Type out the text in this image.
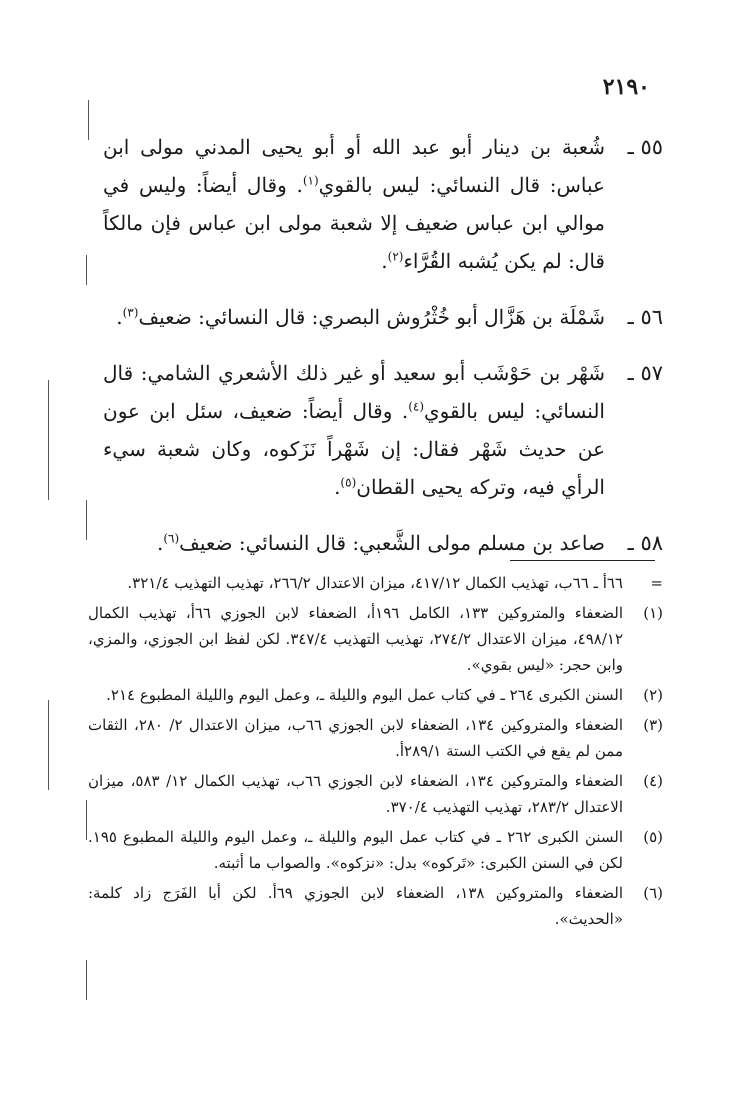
٢١٩٠
٥٥ ـ
شُعبة بن دينار أبو عبد الله أو أبو يحيى المدني مولى ابن عباس: قال النسائي: ليس بالقوي$^{(١)}$. وقال أيضاً: وليس في موالي ابن عباس ضعيف إلا شعبة مولى ابن عباس فإن مالكاً قال: لم يكن يُشبه القُرَّاء$^{(٢)}$.
٥٦ ـ
شَمْلَة بن هَزَّال أبو خُثْرُوش البصري: قال النسائي: ضعيف$^{(٣)}$.
٥٧ ـ
شَهْر بن حَوْشَب أبو سعيد أو غير ذلك الأشعري الشامي: قال النسائي: ليس بالقوي$^{(٤)}$. وقال أيضاً: ضعيف، سئل ابن عون عن حديث شَهْر فقال: إن شَهْراً نَزَكوه، وكان شعبة سيء الرأي فيه، وتركه يحيى القطان$^{(٥)}$.
٥٨ ـ
صاعد بن مسلم مولى الشَّعبي: قال النسائي: ضعيف$^{(٦)}$.
=
٦٦أ ـ ٦٦ب، تهذيب الكمال ٤١٧/١٢، ميزان الاعتدال ٢٦٦/٢، تهذيب التهذيب ٣٢١/٤.
(١)
الضعفاء والمتروكين ١٣٣، الكامل ١٩٦أ، الضعفاء لابن الجوزي ٦٦أ، تهذيب الكمال ٤٩٨/١٢، ميزان الاعتدال ٢٧٤/٢، تهذيب التهذيب ٣٤٧/٤. لكن لفظ ابن الجوزي، والمزي، وابن حجر: «ليس بقوي».
(٢)
السنن الكبرى ٢٦٤ ـ في كتاب عمل اليوم والليلة ـ، وعمل اليوم والليلة المطبوع ٢١٤.
(٣)
الضعفاء والمتروكين ١٣٤، الضعفاء لابن الجوزي ٦٦ب، ميزان الاعتدال ٢/ ٢٨٠، الثقات ممن لم يقع في الكتب الستة ٢٨٩/١أ.
(٤)
الضعفاء والمتروكين ١٣٤، الضعفاء لابن الجوزي ٦٦ب، تهذيب الكمال ١٢/ ٥٨٣، ميزان الاعتدال ٢٨٣/٢، تهذيب التهذيب ٣٧٠/٤.
(٥)
السنن الكبرى ٢٦٢ ـ في كتاب عمل اليوم والليلة ـ، وعمل اليوم والليلة المطبوع ١٩٥. لكن في السنن الكبرى: «تَركوه» بدل: «نزكوه». والصواب ما أثبته.
(٦)
الضعفاء والمتروكين ١٣٨، الضعفاء لابن الجوزي ٦٩أ. لكن أبا الفَرَج زاد كلمة: «الحديث».
